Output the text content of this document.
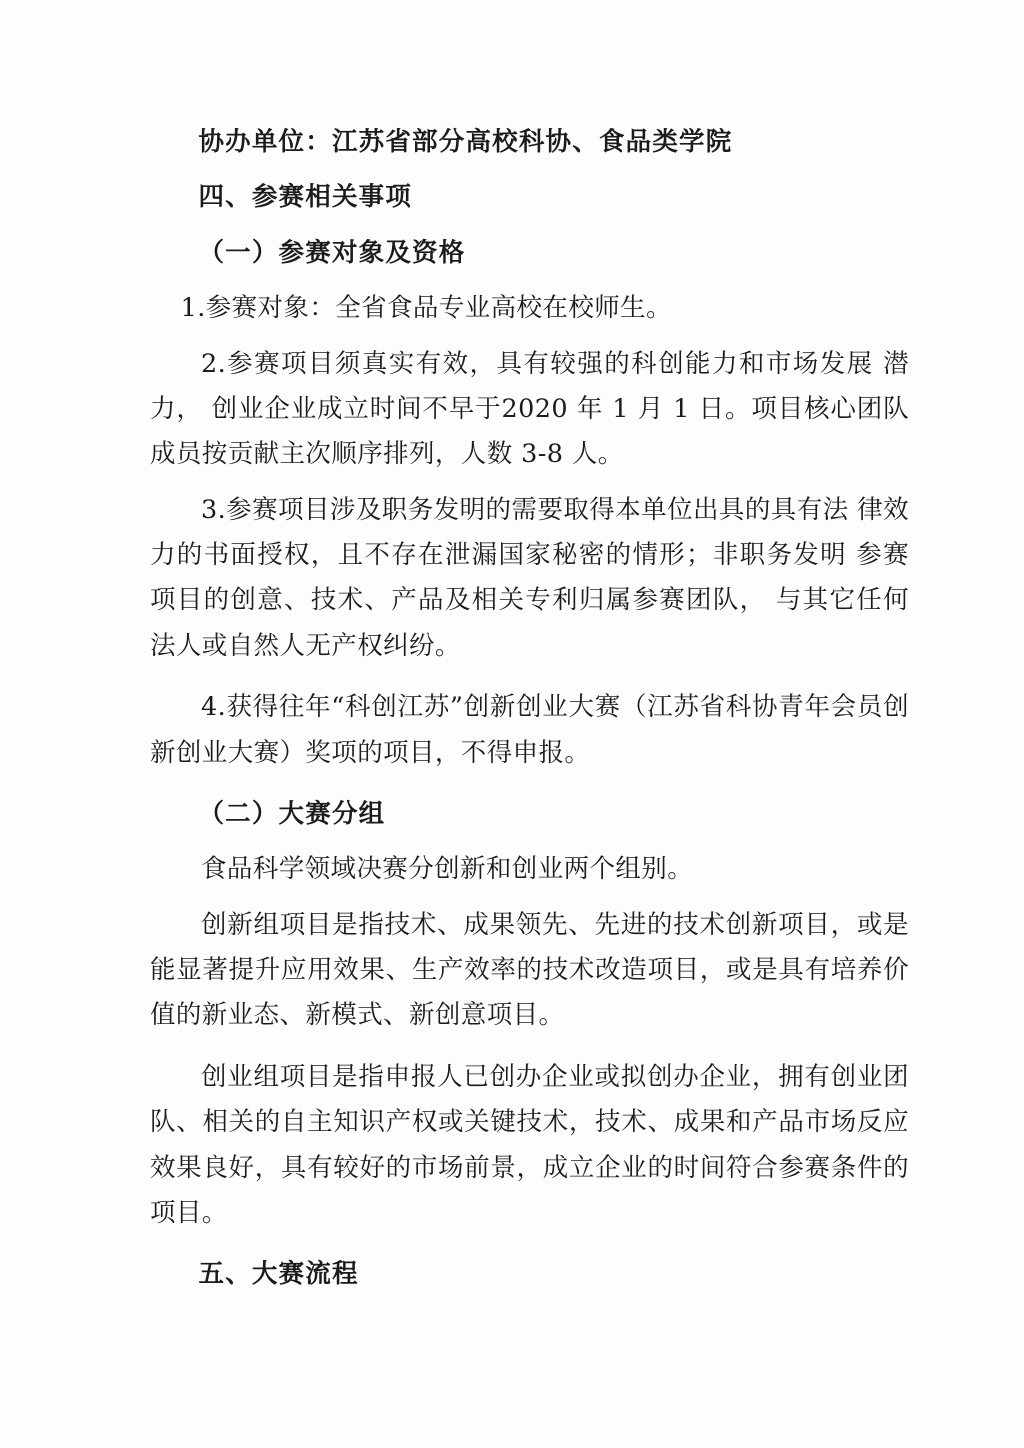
协办单位：江苏省部分高校科协、食品类学院

四、参赛相关事项

（一）参赛对象及资格

1.参赛对象：全省食品专业高校在校师生。

2.参赛项目须真实有效，具有较强的科创能力和市场发展 潜力， 创业企业成立时间不早于2020 年 1 月 1 日。项目核心团队成员按贡献主次顺序排列，人数 3-8 人。

3.参赛项目涉及职务发明的需要取得本单位出具的具有法 律效力的书面授权，且不存在泄漏国家秘密的情形；非职务发明 参赛项目的创意、技术、产品及相关专利归属参赛团队， 与其它任何法人或自然人无产权纠纷。

4.获得往年“科创江苏”创新创业大赛（江苏省科协青年会员创新创业大赛）奖项的项目，不得申报。

（二）大赛分组

食品科学领域决赛分创新和创业两个组别。

创新组项目是指技术、成果领先、先进的技术创新项目，或是能显著提升应用效果、生产效率的技术改造项目，或是具有培养价值的新业态、新模式、新创意项目。

创业组项目是指申报人已创办企业或拟创办企业，拥有创业团队、相关的自主知识产权或关键技术，技术、成果和产品市场反应效果良好，具有较好的市场前景，成立企业的时间符合参赛条件的项目。

五、大赛流程
